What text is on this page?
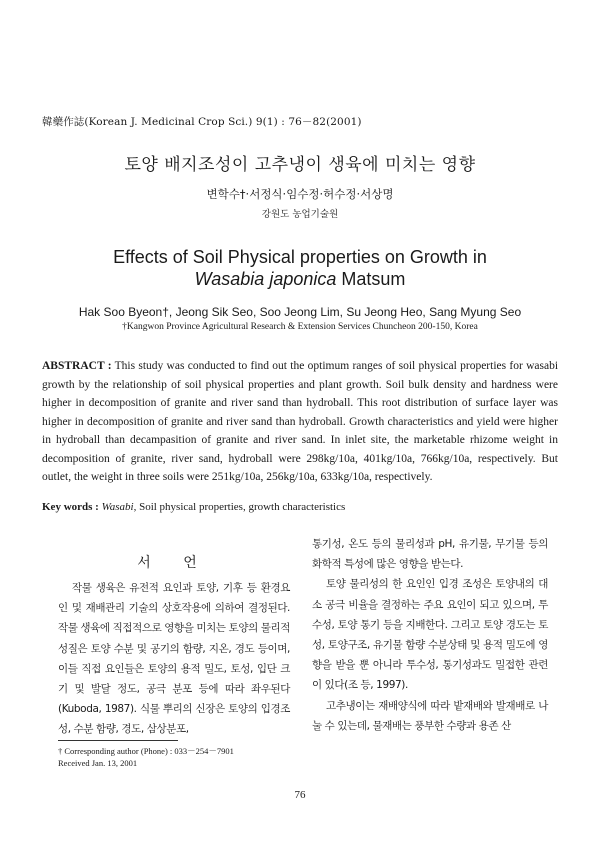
韓藥作誌(Korean J. Medicinal Crop Sci.) 9(1) : 76－82(2001)
토양 배지조성이 고추냉이 생육에 미치는 영향
변학수†·서정식·임수정·허수정·서상명
강원도 농업기술원
Effects of Soil Physical properties on Growth in
Wasabia japonica Matsum
Hak Soo Byeon†, Jeong Sik Seo, Soo Jeong Lim, Su Jeong Heo, Sang Myung Seo
†Kangwon Province Agricultural Research & Extension Services Chuncheon 200-150, Korea
ABSTRACT : This study was conducted to find out the optimum ranges of soil physical properties for wasabi growth by the relationship of soil physical properties and plant growth. Soil bulk density and hardness were higher in decomposition of granite and river sand than hydroball. This root distribution of surface layer was higher in decomposition of granite and river sand than hydroball. Growth characteristics and yield were higher in hydroball than decampasition of granite and river sand. In inlet site, the marketable rhizome weight in decomposition of granite, river sand, hydroball were 298kg/10a, 401kg/10a, 766kg/10a, respectively. But outlet, the weight in three soils were 251kg/10a, 256kg/10a, 633kg/10a, respectively.
Key words : Wasabi, Soil physical properties, growth characteristics
서 언

작물 생육은 유전적 요인과 토양, 기후 등 환경요인 및 재배관리 기술의 상호작용에 의하여 결정된다. 작물 생육에 직접적으로 영향을 미치는 토양의 물리적 성질은 토양 수분 및 공기의 함량, 지온, 경도 등이며, 이들 직접 요인들은 토양의 용적 밀도, 토성, 입단 크기 및 발달 정도, 공극 분포 등에 따라 좌우된다(Kuboda, 1987). 식물 뿌리의 신장은 토양의 입경조성, 수분 함량, 경도, 삼상분포,

통기성, 온도 등의 물리성과 pH, 유기물, 무기물 등의 화학적 특성에 많은 영향을 받는다.

토양 물리성의 한 요인인 입경 조성은 토양내의 대소 공극 비율을 결정하는 주요 요인이 되고 있으며, 투수성, 토양 통기 등을 지배한다. 그리고 토양 경도는 토성, 토양구조, 유기물 함량 수분상태 및 용적 밀도에 영향을 받을 뿐 아니라 투수성, 통기성과도 밀접한 관련이 있다(조 등, 1997).

고추냉이는 재배양식에 따라 밭재배와 발재배로 나눌 수 있는데, 물재배는 풍부한 수량과 용존 산

† Corresponding author (Phone) : 033－254－7901
Received Jan. 13, 2001
76
